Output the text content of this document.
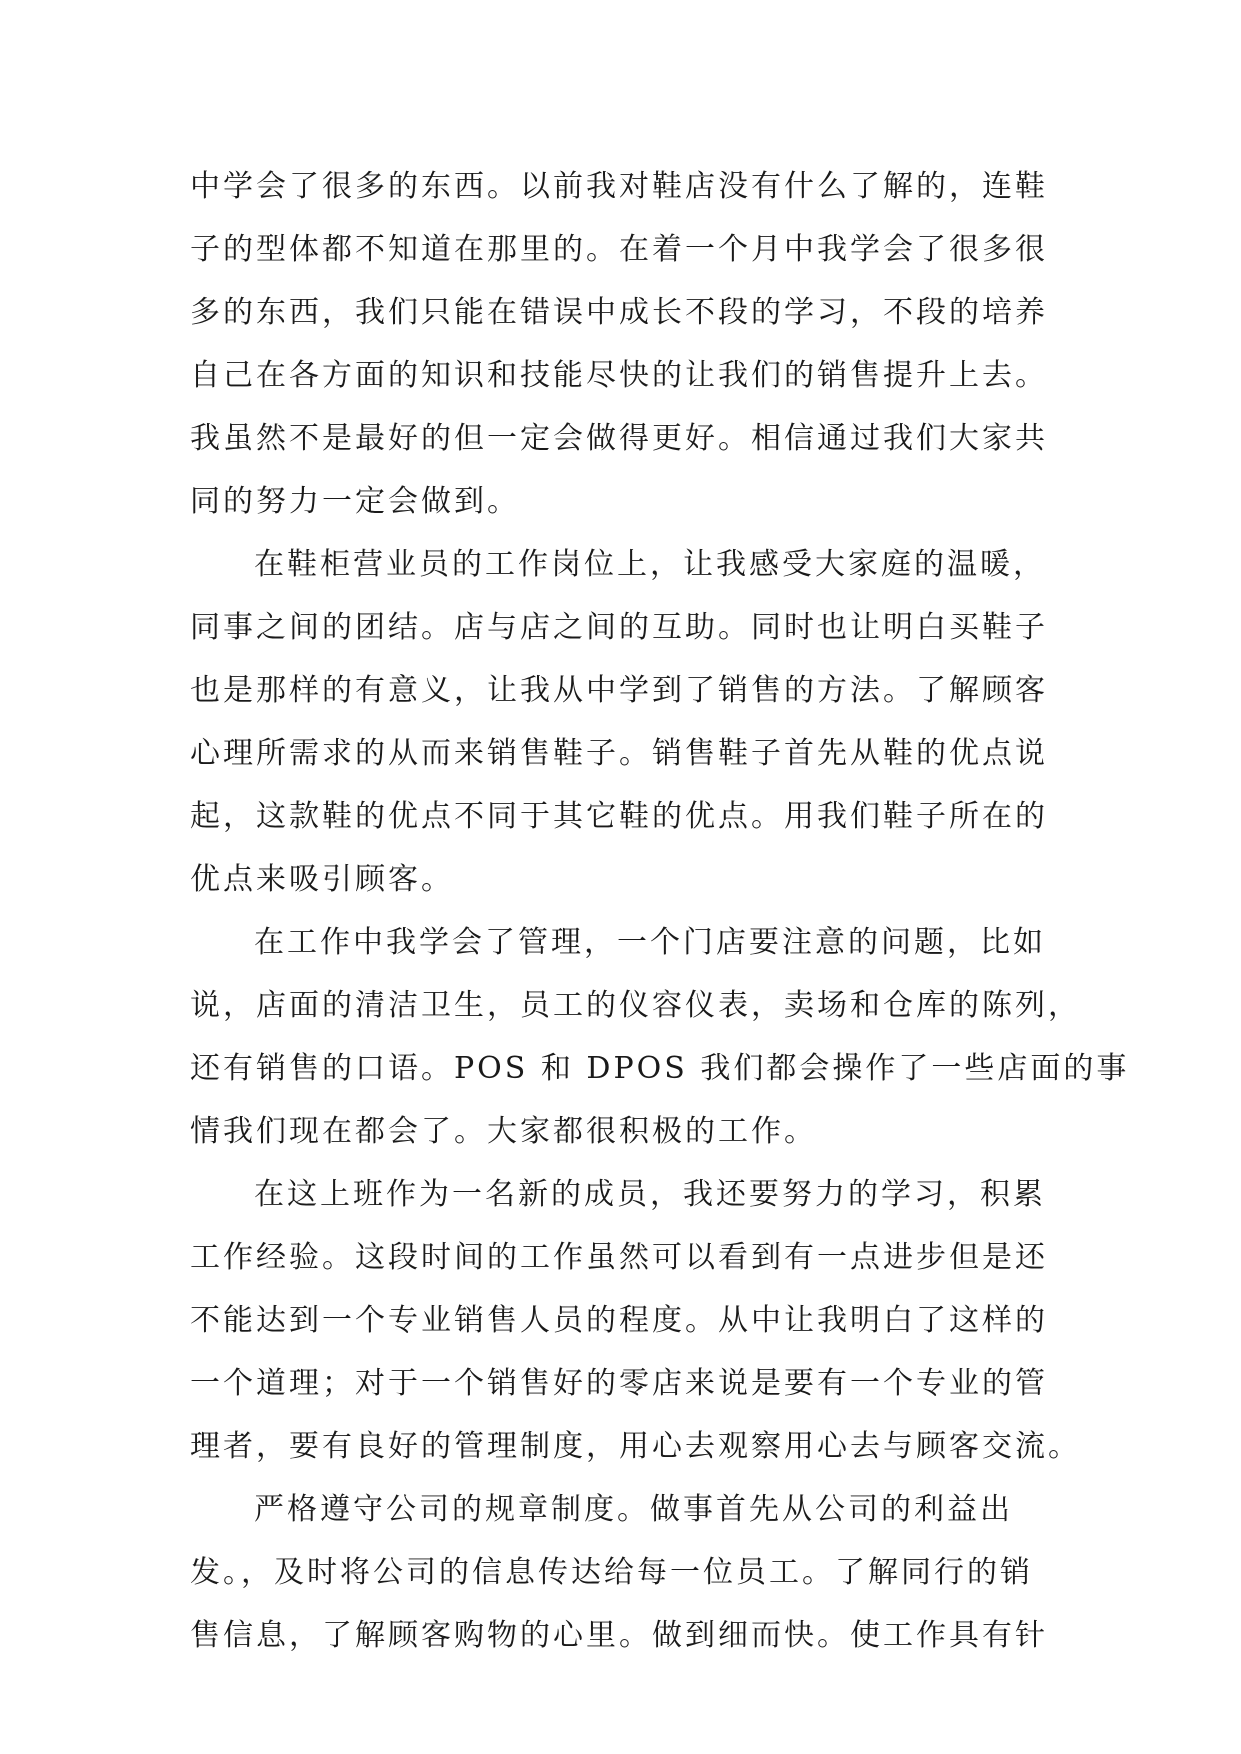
中学会了很多的东西。以前我对鞋店没有什么了解的，连鞋
子的型体都不知道在那里的。在着一个月中我学会了很多很
多的东西，我们只能在错误中成长不段的学习，不段的培养
自己在各方面的知识和技能尽快的让我们的销售提升上去。
我虽然不是最好的但一定会做得更好。相信通过我们大家共
同的努力一定会做到。
在鞋柜营业员的工作岗位上，让我感受大家庭的温暖，
同事之间的团结。店与店之间的互助。同时也让明白买鞋子
也是那样的有意义，让我从中学到了销售的方法。了解顾客
心理所需求的从而来销售鞋子。销售鞋子首先从鞋的优点说
起，这款鞋的优点不同于其它鞋的优点。用我们鞋子所在的
优点来吸引顾客。
在工作中我学会了管理，一个门店要注意的问题，比如
说，店面的清洁卫生，员工的仪容仪表，卖场和仓库的陈列，
还有销售的口语。POS 和 DPOS 我们都会操作了一些店面的事
情我们现在都会了。大家都很积极的工作。
在这上班作为一名新的成员，我还要努力的学习，积累
工作经验。这段时间的工作虽然可以看到有一点进步但是还
不能达到一个专业销售人员的程度。从中让我明白了这样的
一个道理；对于一个销售好的零店来说是要有一个专业的管
理者，要有良好的管理制度，用心去观察用心去与顾客交流。
严格遵守公司的规章制度。做事首先从公司的利益出
发。，及时将公司的信息传达给每一位员工。了解同行的销
售信息，了解顾客购物的心里。做到细而快。使工作具有针
